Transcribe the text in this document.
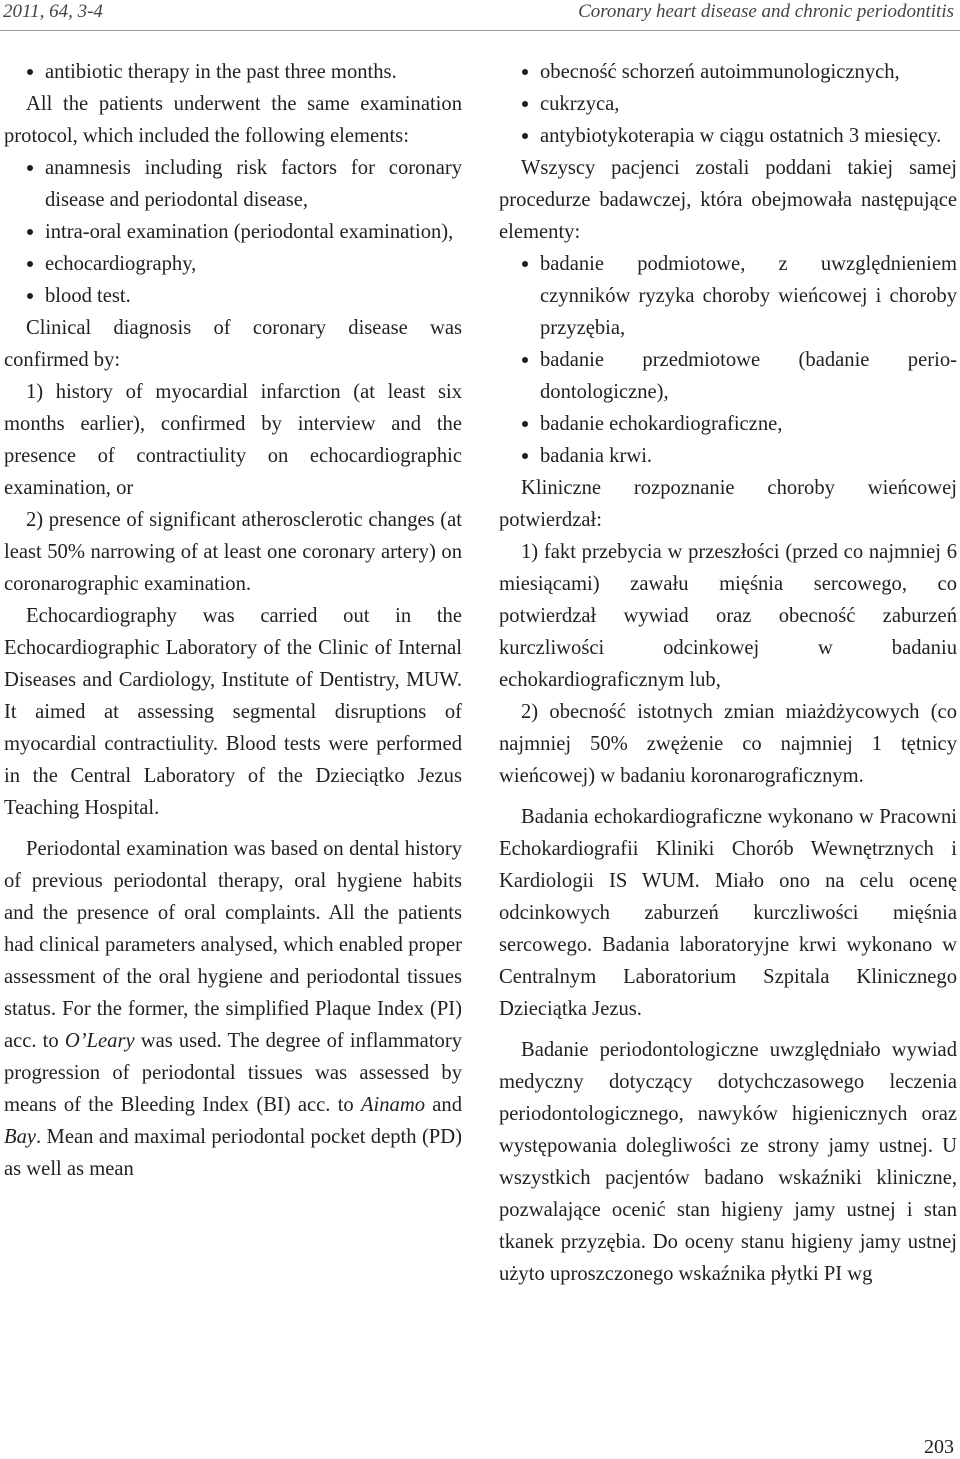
2011, 64, 3-4	Coronary heart disease and chronic periodontitis
antibiotic therapy in the past three months.

All the patients underwent the same examination protocol, which included the following elements:

anamnesis including risk factors for coronary disease and periodontal disease,
intra-oral examination (periodontal examination),
echocardiography,
blood test.

Clinical diagnosis of coronary disease was confirmed by:

1) history of myocardial infarction (at least six months earlier), confirmed by interview and the presence of contractiulity on echocardiographic examination, or

2) presence of significant atherosclerotic changes (at least 50% narrowing of at least one coronary artery) on coronarographic examination.

Echocardiography was carried out in the Echocardiographic Laboratory of the Clinic of Internal Diseases and Cardiology, Institute of Dentistry, MUW. It aimed at assessing segmental disruptions of myocardial contractiulity. Blood tests were performed in the Central Laboratory of the Dzieciątko Jezus Teaching Hospital.

Periodontal examination was based on dental history of previous periodontal therapy, oral hygiene habits and the presence of oral complaints. All the patients had clinical parameters analysed, which enabled proper assessment of the oral hygiene and periodontal tissues status. For the former, the simplified Plaque Index (PI) acc. to O’Leary was used. The degree of inflammatory progression of periodontal tissues was assessed by means of the Bleeding Index (BI) acc. to Ainamo and Bay. Mean and maximal periodontal pocket depth (PD) as well as mean

obecność schorzeń autoimmunologicznych,
cukrzyca,
antybiotykoterapia w ciągu ostatnich 3 miesięcy.

Wszyscy pacjenci zostali poddani takiej samej procedurze badawczej, która obejmowała następujące elementy:

badanie podmiotowe, z uwzględnieniem czynników ryzyka choroby wieńcowej i choroby przyzębia,
badanie przedmiotowe (badanie periodontologiczne),
badanie echokardiograficzne,
badania krwi.

Kliniczne rozpoznanie choroby wieńcowej potwierdzał:

1) fakt przebycia w przeszłości (przed co najmniej 6 miesiącami) zawału mięśnia sercowego, co potwierdzał wywiad oraz obecność zaburzeń kurczliwości odcinkowej w badaniu echokardiograficznym lub,

2) obecność istotnych zmian miażdżycowych (co najmniej 50% zwężenie co najmniej 1 tętnicy wieńcowej) w badaniu koronarograficznym.

Badania echokardiograficzne wykonano w Pracowni Echokardiografii Kliniki Chorób Wewnętrznych i Kardiologii IS WUM. Miało ono na celu ocenę odcinkowych zaburzeń kurczliwości mięśnia sercowego. Badania laboratoryjne krwi wykonano w Centralnym Laboratorium Szpitala Klinicznego Dzieciątka Jezus.

Badanie periodontologiczne uwzględniało wywiad medyczny dotyczący dotychczasowego leczenia periodontologicznego, nawyków higienicznych oraz występowania dolegliwości ze strony jamy ustnej. U wszystkich pacjentów badano wskaźniki kliniczne, pozwalające ocenić stan higieny jamy ustnej i stan tkanek przyzębia. Do oceny stanu higieny jamy ustnej użyto uproszczonego wskaźnika płytki PI wg

203
